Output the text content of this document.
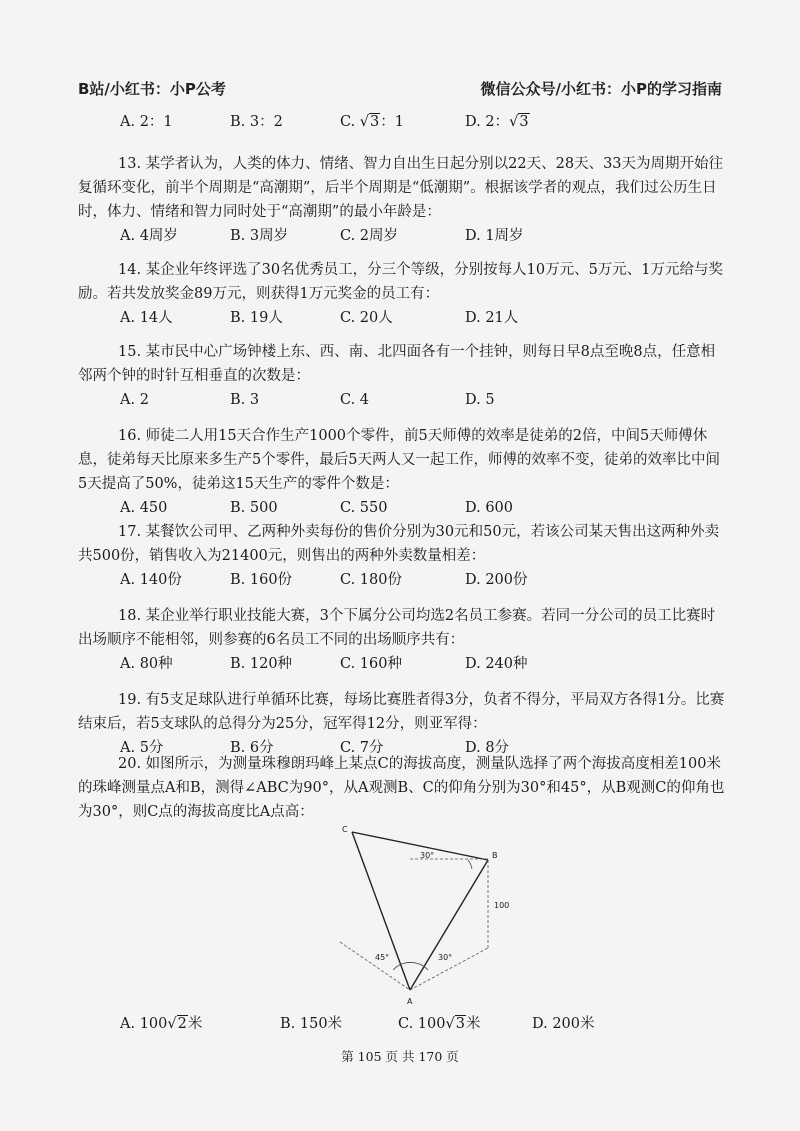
B站/小红书：小P公考	微信公众号/小红书：小P的学习指南
A. 2：1	B. 3：2	C. √3：1	D. 2：√3

13. 某学者认为，人类的体力、情绪、智力自出生日起分别以22天、28天、33天为周期开始往复循环变化，前半个周期是“高潮期”，后半个周期是“低潮期”。根据该学者的观点，我们过公历生日时，体力、情绪和智力同时处于“高潮期”的最小年龄是：

A. 4周岁	B. 3周岁	C. 2周岁	D. 1周岁

14. 某企业年终评选了30名优秀员工，分三个等级，分别按每人10万元、5万元、1万元给与奖励。若共发放奖金89万元，则获得1万元奖金的员工有：

A. 14人	B. 19人	C. 20人	D. 21人

15. 某市民中心广场钟楼上东、西、南、北四面各有一个挂钟，则每日早8点至晚8点，任意相邻两个钟的时针互相垂直的次数是：

A. 2	B. 3	C. 4	D. 5

16. 师徒二人用15天合作生产1000个零件，前5天师傅的效率是徒弟的2倍，中间5天师傅休息，徒弟每天比原来多生产5个零件，最后5天两人又一起工作，师傅的效率不变，徒弟的效率比中间5天提高了50%，徒弟这15天生产的零件个数是：

A. 450	B. 500	C. 550	D. 600

17. 某餐饮公司甲、乙两种外卖每份的售价分别为30元和50元，若该公司某天售出这两种外卖共500份，销售收入为21400元，则售出的两种外卖数量相差：

A. 140份	B. 160份	C. 180份	D. 200份

18. 某企业举行职业技能大赛，3个下属分公司均选2名员工参赛。若同一分公司的员工比赛时出场顺序不能相邻，则参赛的6名员工不同的出场顺序共有：

A. 80种	B. 120种	C. 160种	D. 240种

19. 有5支足球队进行单循环比赛，每场比赛胜者得3分，负者不得分，平局双方各得1分。比赛结束后，若5支球队的总得分为25分，冠军得12分，则亚军得：

A. 5分	B. 6分	C. 7分	D. 8分

20. 如图所示，为测量珠穆朗玛峰上某点C的海拔高度，测量队选择了两个海拔高度相差100米的珠峰测量点A和B，测得∠ABC为90°，从A观测B、C的仰角分别为30°和45°，从B观测C的仰角也为30°，则C点的海拔高度比A点高：

C
B
A
30°
45°	30°
100
A. 100√2米	B. 150米	C. 100√3米	D. 200米
第 105 页 共 170 页
